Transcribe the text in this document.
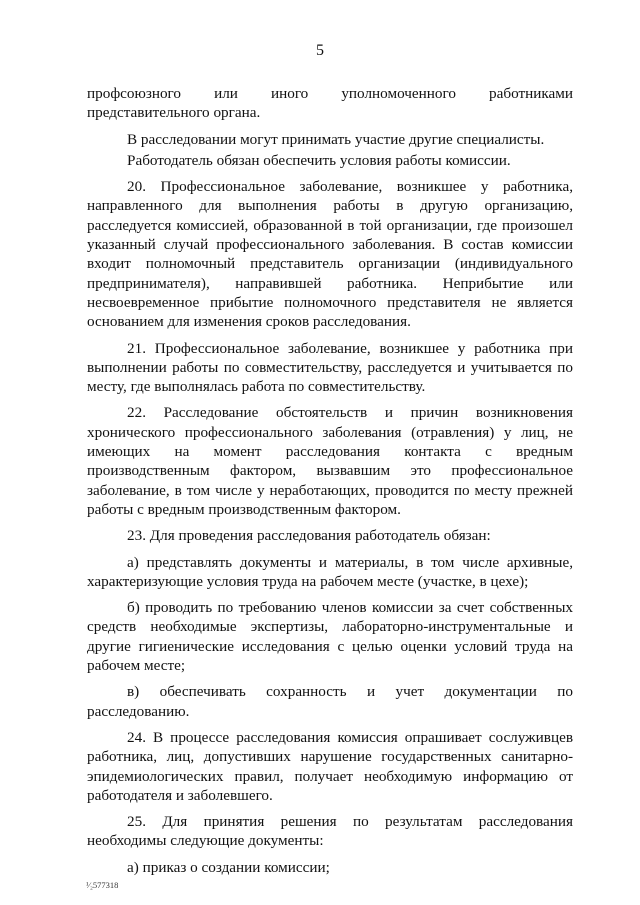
5

профсоюзного или иного уполномоченного работниками представительного органа.

В расследовании могут принимать участие другие специалисты.

Работодатель обязан обеспечить условия работы комиссии.

20. Профессиональное заболевание, возникшее у работника, направленного для выполнения работы в другую организацию, расследуется комиссией, образованной в той организации, где произошел указанный случай профессионального заболевания. В состав комиссии входит полномочный представитель организации (индивидуального предпринимателя), направившей работника. Неприбытие или несвоевременное прибытие полномочного представителя не является основанием для изменения сроков расследования.

21. Профессиональное заболевание, возникшее у работника при выполнении работы по совместительству, расследуется и учитывается по месту, где выполнялась работа по совместительству.

22. Расследование обстоятельств и причин возникновения хронического профессионального заболевания (отравления) у лиц, не имеющих на момент расследования контакта с вредным производственным фактором, вызвавшим это профессиональное заболевание, в том числе у неработающих, проводится по месту прежней работы с вредным производственным фактором.

23. Для проведения расследования работодатель обязан:

а) представлять документы и материалы, в том числе архивные, характеризующие условия труда на рабочем месте (участке, в цехе);

б) проводить по требованию членов комиссии за счет собственных средств необходимые экспертизы, лабораторно-инструментальные и другие гигиенические исследования с целью оценки условий труда на рабочем месте;

в) обеспечивать сохранность и учет документации по расследованию.

24. В процессе расследования комиссия опрашивает сослуживцев работника, лиц, допустивших нарушение государственных санитарно-эпидемиологических правил, получает необходимую информацию от работодателя и заболевшего.

25. Для принятия решения по результатам расследования необходимы следующие документы:

а) приказ о создании комиссии;

¹⁄₂577318
